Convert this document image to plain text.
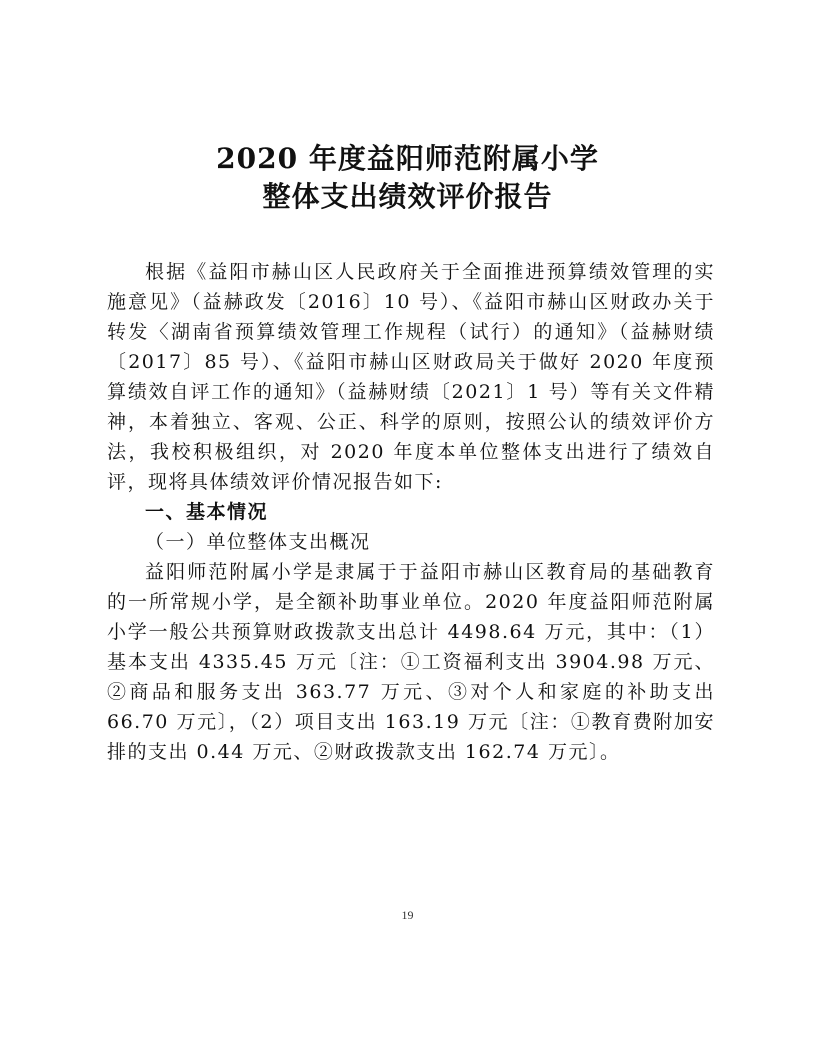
2020 年度益阳师范附属小学
整体支出绩效评价报告

根据《益阳市赫山区人民政府关于全面推进预算绩效管理的实施意见》（益赫政发〔2016〕10 号）、《益阳市赫山区财政办关于转发〈湖南省预算绩效管理工作规程（试行）的通知》（益赫财绩〔2017〕85 号）、《益阳市赫山区财政局关于做好 2020 年度预算绩效自评工作的通知》（益赫财绩〔2021〕1 号）等有关文件精神，本着独立、客观、公正、科学的原则，按照公认的绩效评价方法，我校积极组织，对 2020 年度本单位整体支出进行了绩效自评，现将具体绩效评价情况报告如下:

一、基本情况

（一）单位整体支出概况

益阳师范附属小学是隶属于于益阳市赫山区教育局的基础教育的一所常规小学，是全额补助事业单位。2020 年度益阳师范附属小学一般公共预算财政拨款支出总计 4498.64 万元，其中：（1）基本支出 4335.45 万元〔注：①工资福利支出 3904.98 万元、②商品和服务支出 363.77 万元、③对个人和家庭的补助支出 66.70 万元〕，（2）项目支出 163.19 万元〔注：①教育费附加安排的支出 0.44 万元、②财政拨款支出 162.74 万元〕。

19
